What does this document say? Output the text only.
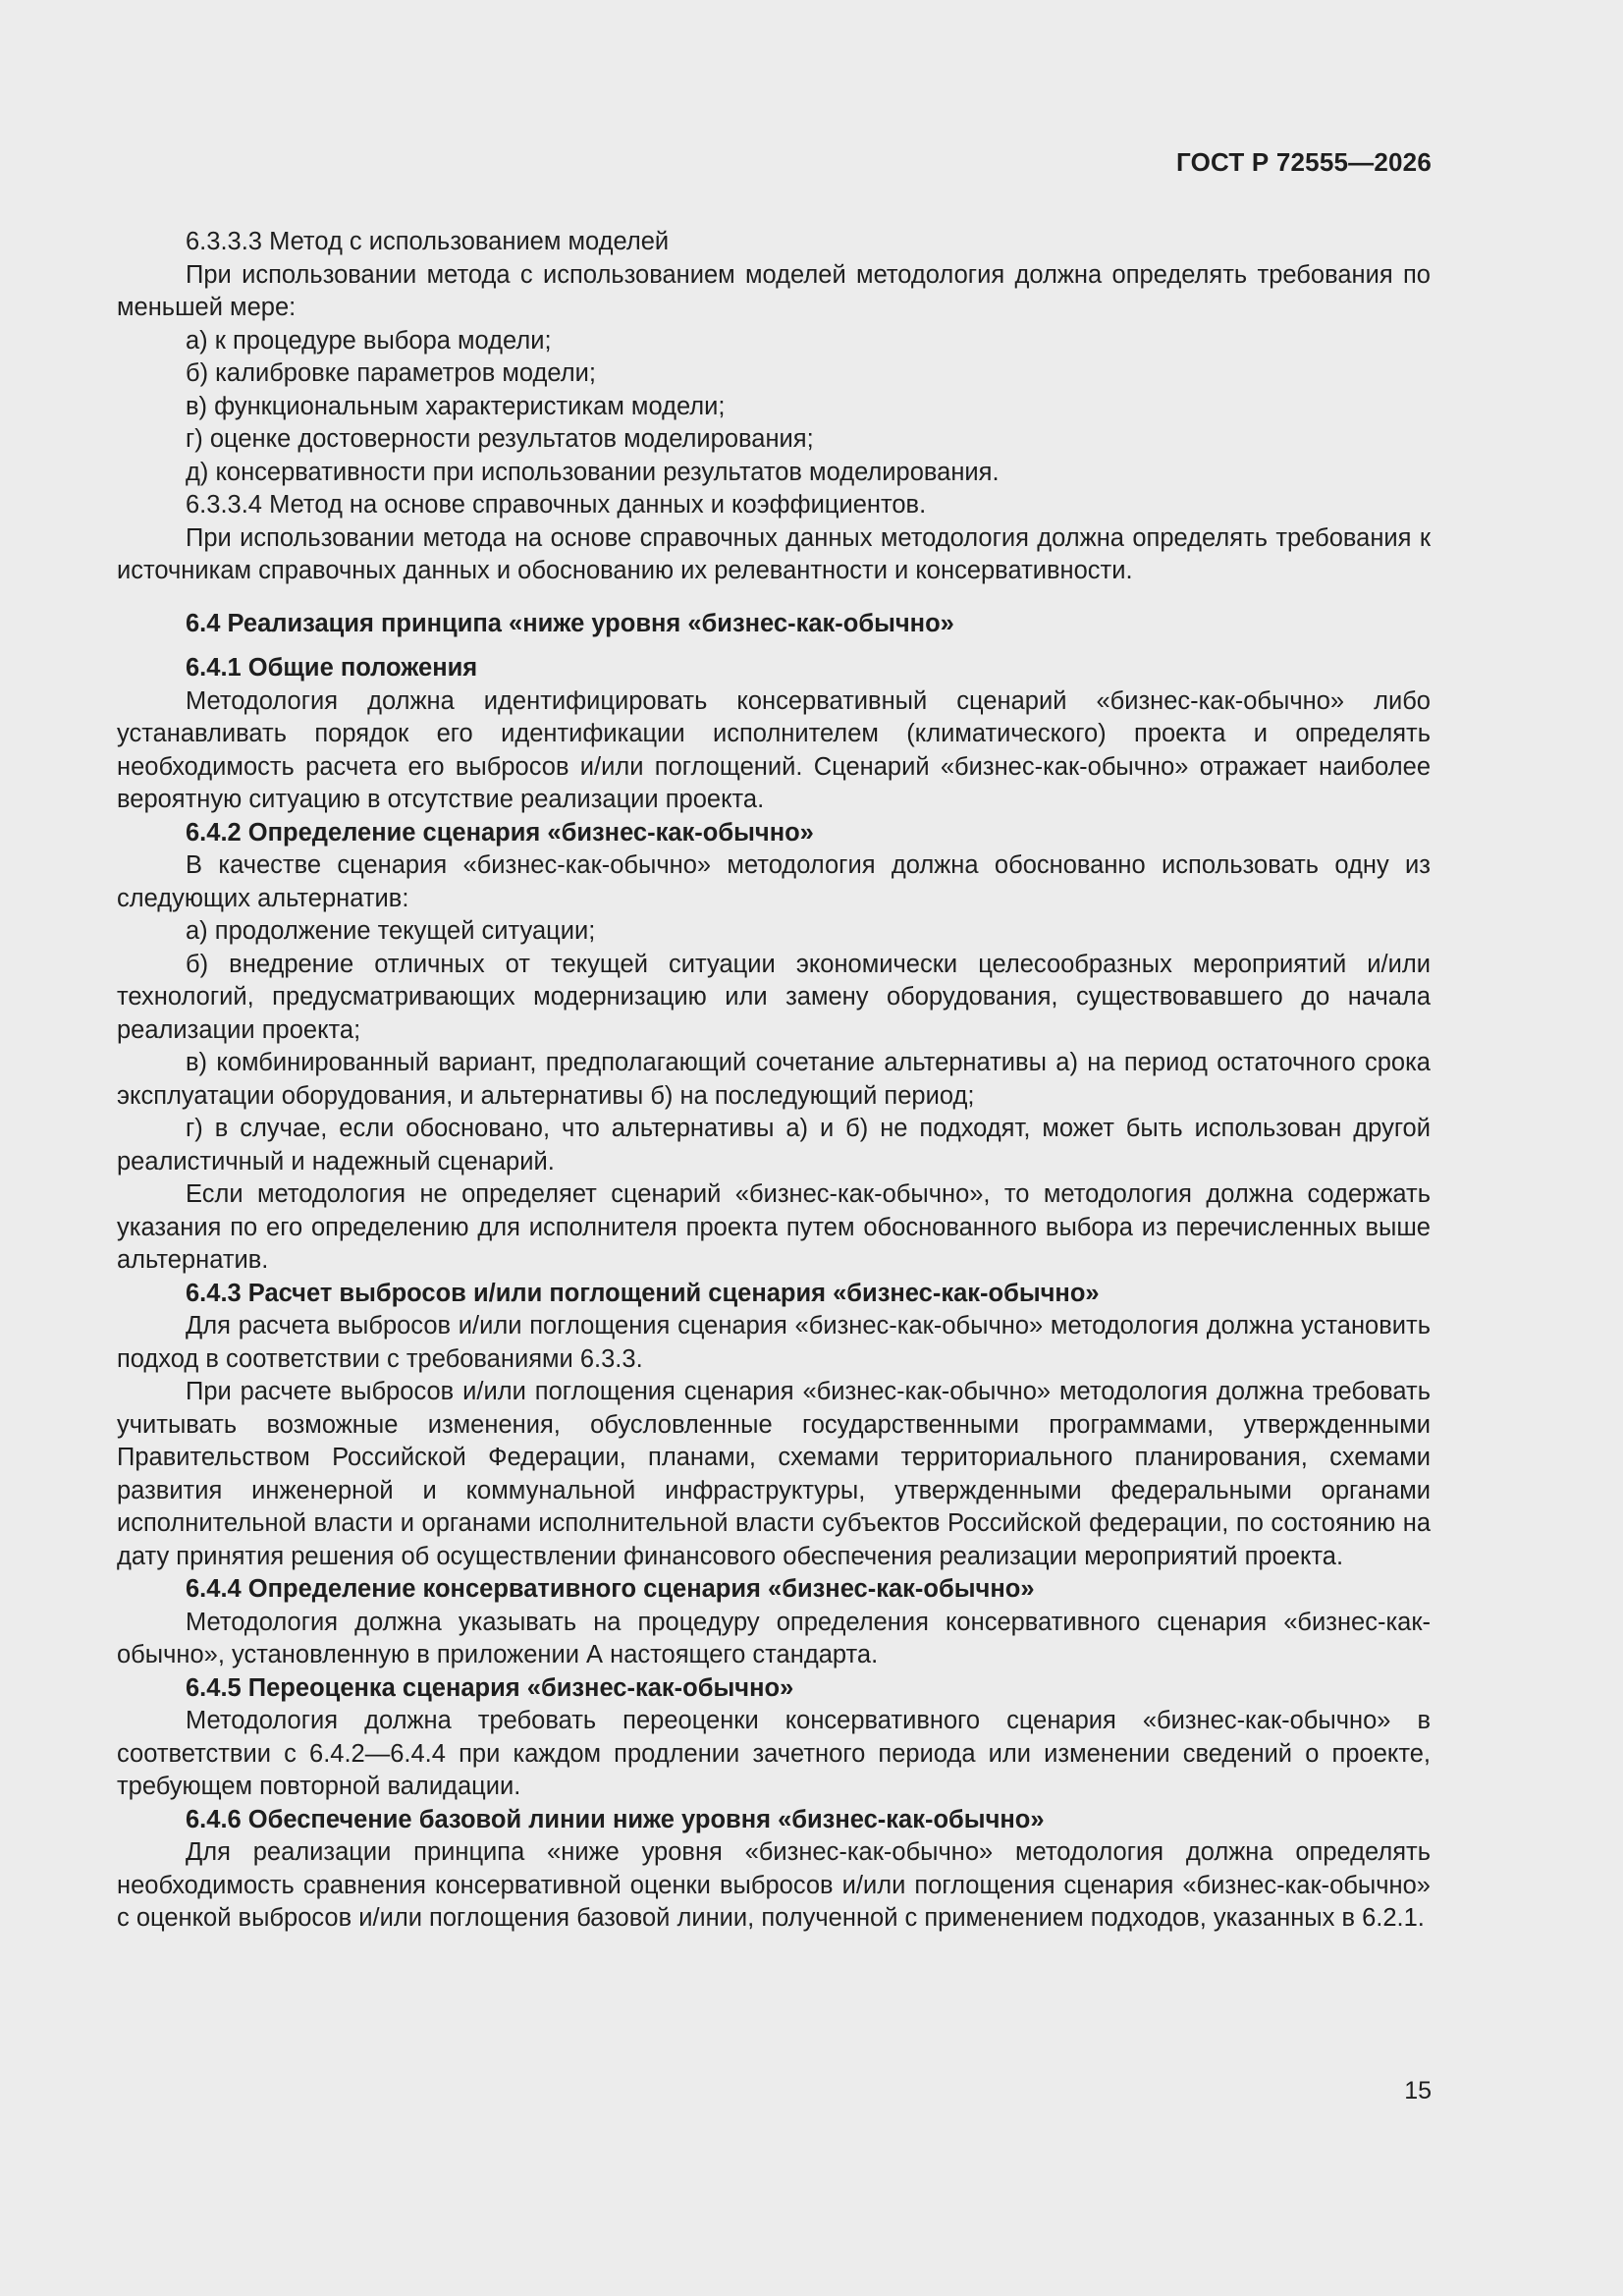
ГОСТ Р 72555—2026

6.3.3.3 Метод с использованием моделей

При использовании метода с использованием моделей методология должна определять требования по меньшей мере:

а) к процедуре выбора модели;

б) калибровке параметров модели;

в) функциональным характеристикам модели;

г) оценке достоверности результатов моделирования;

д) консервативности при использовании результатов моделирования.

6.3.3.4 Метод на основе справочных данных и коэффициентов.

При использовании метода на основе справочных данных методология должна определять требования к источникам справочных данных и обоснованию их релевантности и консервативности.

6.4 Реализация принципа «ниже уровня «бизнес-как-обычно»

6.4.1 Общие положения

Методология должна идентифицировать консервативный сценарий «бизнес-как-обычно» либо устанавливать порядок его идентификации исполнителем (климатического) проекта и определять необходимость расчета его выбросов и/или поглощений. Сценарий «бизнес-как-обычно» отражает наиболее вероятную ситуацию в отсутствие реализации проекта.

6.4.2 Определение сценария «бизнес-как-обычно»

В качестве сценария «бизнес-как-обычно» методология должна обоснованно использовать одну из следующих альтернатив:

а) продолжение текущей ситуации;

б) внедрение отличных от текущей ситуации экономически целесообразных мероприятий и/или технологий, предусматривающих модернизацию или замену оборудования, существовавшего до начала реализации проекта;

в) комбинированный вариант, предполагающий сочетание альтернативы а) на период остаточного срока эксплуатации оборудования, и альтернативы б) на последующий период;

г) в случае, если обосновано, что альтернативы а) и б) не подходят, может быть использован другой реалистичный и надежный сценарий.

Если методология не определяет сценарий «бизнес-как-обычно», то методология должна содержать указания по его определению для исполнителя проекта путем обоснованного выбора из перечисленных выше альтернатив.

6.4.3 Расчет выбросов и/или поглощений сценария «бизнес-как-обычно»

Для расчета выбросов и/или поглощения сценария «бизнес-как-обычно» методология должна установить подход в соответствии с требованиями 6.3.3.

При расчете выбросов и/или поглощения сценария «бизнес-как-обычно» методология должна требовать учитывать возможные изменения, обусловленные государственными программами, утвержденными Правительством Российской Федерации, планами, схемами территориального планирования, схемами развития инженерной и коммунальной инфраструктуры, утвержденными федеральными органами исполнительной власти и органами исполнительной власти субъектов Российской федерации, по состоянию на дату принятия решения об осуществлении финансового обеспечения реализации мероприятий проекта.

6.4.4 Определение консервативного сценария «бизнес-как-обычно»

Методология должна указывать на процедуру определения консервативного сценария «бизнес-как-обычно», установленную в приложении А настоящего стандарта.

6.4.5 Переоценка сценария «бизнес-как-обычно»

Методология должна требовать переоценки консервативного сценария «бизнес-как-обычно» в соответствии с 6.4.2—6.4.4 при каждом продлении зачетного периода или изменении сведений о проекте, требующем повторной валидации.

6.4.6 Обеспечение базовой линии ниже уровня «бизнес-как-обычно»

Для реализации принципа «ниже уровня «бизнес-как-обычно» методология должна определять необходимость сравнения консервативной оценки выбросов и/или поглощения сценария «бизнес-как-обычно» с оценкой выбросов и/или поглощения базовой линии, полученной с применением подходов, указанных в 6.2.1.

15
